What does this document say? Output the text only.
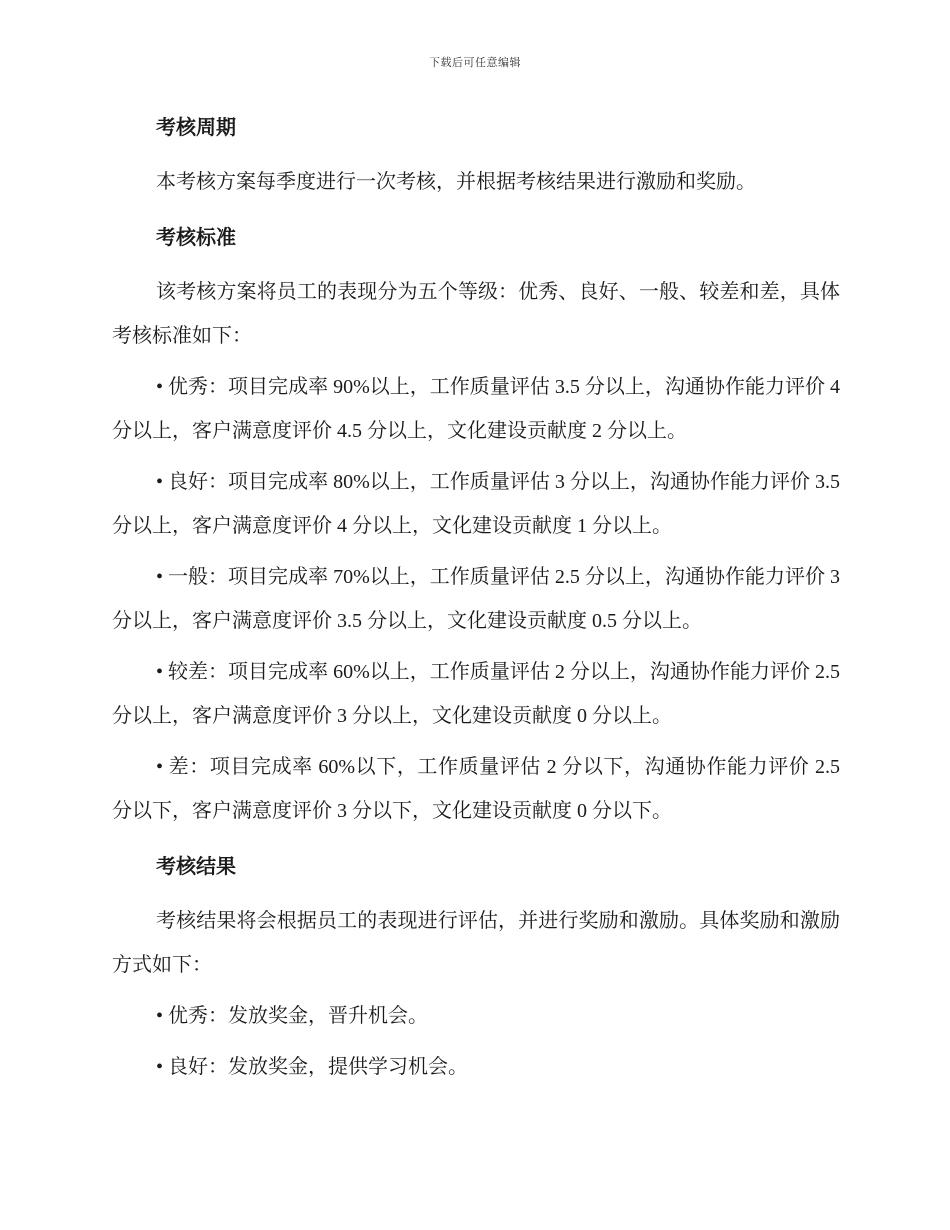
下载后可任意编辑
考核周期

本考核方案每季度进行一次考核，并根据考核结果进行激励和奖励。

考核标准

该考核方案将员工的表现分为五个等级：优秀、良好、一般、较差和差，具体考核标准如下：

• 优秀：项目完成率 90%以上，工作质量评估 3.5 分以上，沟通协作能力评价 4 分以上，客户满意度评价 4.5 分以上，文化建设贡献度 2 分以上。

• 良好：项目完成率 80%以上，工作质量评估 3 分以上，沟通协作能力评价 3.5 分以上，客户满意度评价 4 分以上，文化建设贡献度 1 分以上。

• 一般：项目完成率 70%以上，工作质量评估 2.5 分以上，沟通协作能力评价 3 分以上，客户满意度评价 3.5 分以上，文化建设贡献度 0.5 分以上。

• 较差：项目完成率 60%以上，工作质量评估 2 分以上，沟通协作能力评价 2.5 分以上，客户满意度评价 3 分以上，文化建设贡献度 0 分以上。

• 差：项目完成率 60%以下，工作质量评估 2 分以下，沟通协作能力评价 2.5 分以下，客户满意度评价 3 分以下，文化建设贡献度 0 分以下。

考核结果

考核结果将会根据员工的表现进行评估，并进行奖励和激励。具体奖励和激励方式如下：

• 优秀：发放奖金，晋升机会。

• 良好：发放奖金，提供学习机会。
